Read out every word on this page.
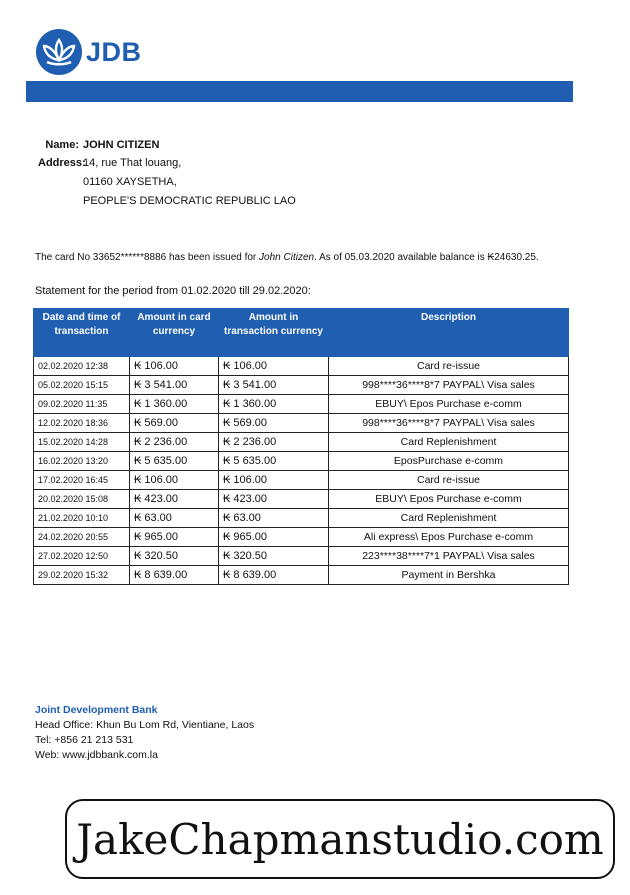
JDB
Name: JOHN CITIZEN
Address:
14, rue That louang,
01160 XAYSETHA,
PEOPLE'S DEMOCRATIC REPUBLIC LAO
The card No 33652******8886 has been issued for John Citizen. As of 05.03.2020 available balance is ₭24630.25.
Statement for the period from 01.02.2020 till 29.02.2020:
Date and time of transaction	Amount in card currency	Amount in transaction currency	Description
02.02.2020 12:38	₭ 106.00	₭ 106.00	Card re-issue
05.02.2020 15:15	₭ 3 541.00	₭ 3 541.00	998****36****8*7 PAYPAL\ Visa sales
09.02.2020 11:35	₭ 1 360.00	₭ 1 360.00	EBUY\ Epos Purchase e-comm
12.02.2020 18:36	₭ 569.00	₭ 569.00	998****36****8*7 PAYPAL\ Visa sales
15.02.2020 14:28	₭ 2 236.00	₭ 2 236.00	Card Replenishment
16.02.2020 13:20	₭ 5 635.00	₭ 5 635.00	EposPurchase e-comm
17.02.2020 16:45	₭ 106.00	₭ 106.00	Card re-issue
20.02.2020 15:08	₭ 423.00	₭ 423.00	EBUY\ Epos Purchase e-comm
21.02.2020 10:10	₭ 63.00	₭ 63.00	Card Replenishment
24.02.2020 20:55	₭ 965.00	₭ 965.00	Ali express\ Epos Purchase e-comm
27.02.2020 12:50	₭ 320.50	₭ 320.50	223****38****7*1 PAYPAL\ Visa sales
29.02.2020 15:32	₭ 8 639.00	₭ 8 639.00	Payment in Bershka
Joint Development Bank
Head Office: Khun Bu Lom Rd, Vientiane, Laos
Tel: +856 21 213 531
Web: www.jdbbank.com.la
JakeChapmanstudio.com
